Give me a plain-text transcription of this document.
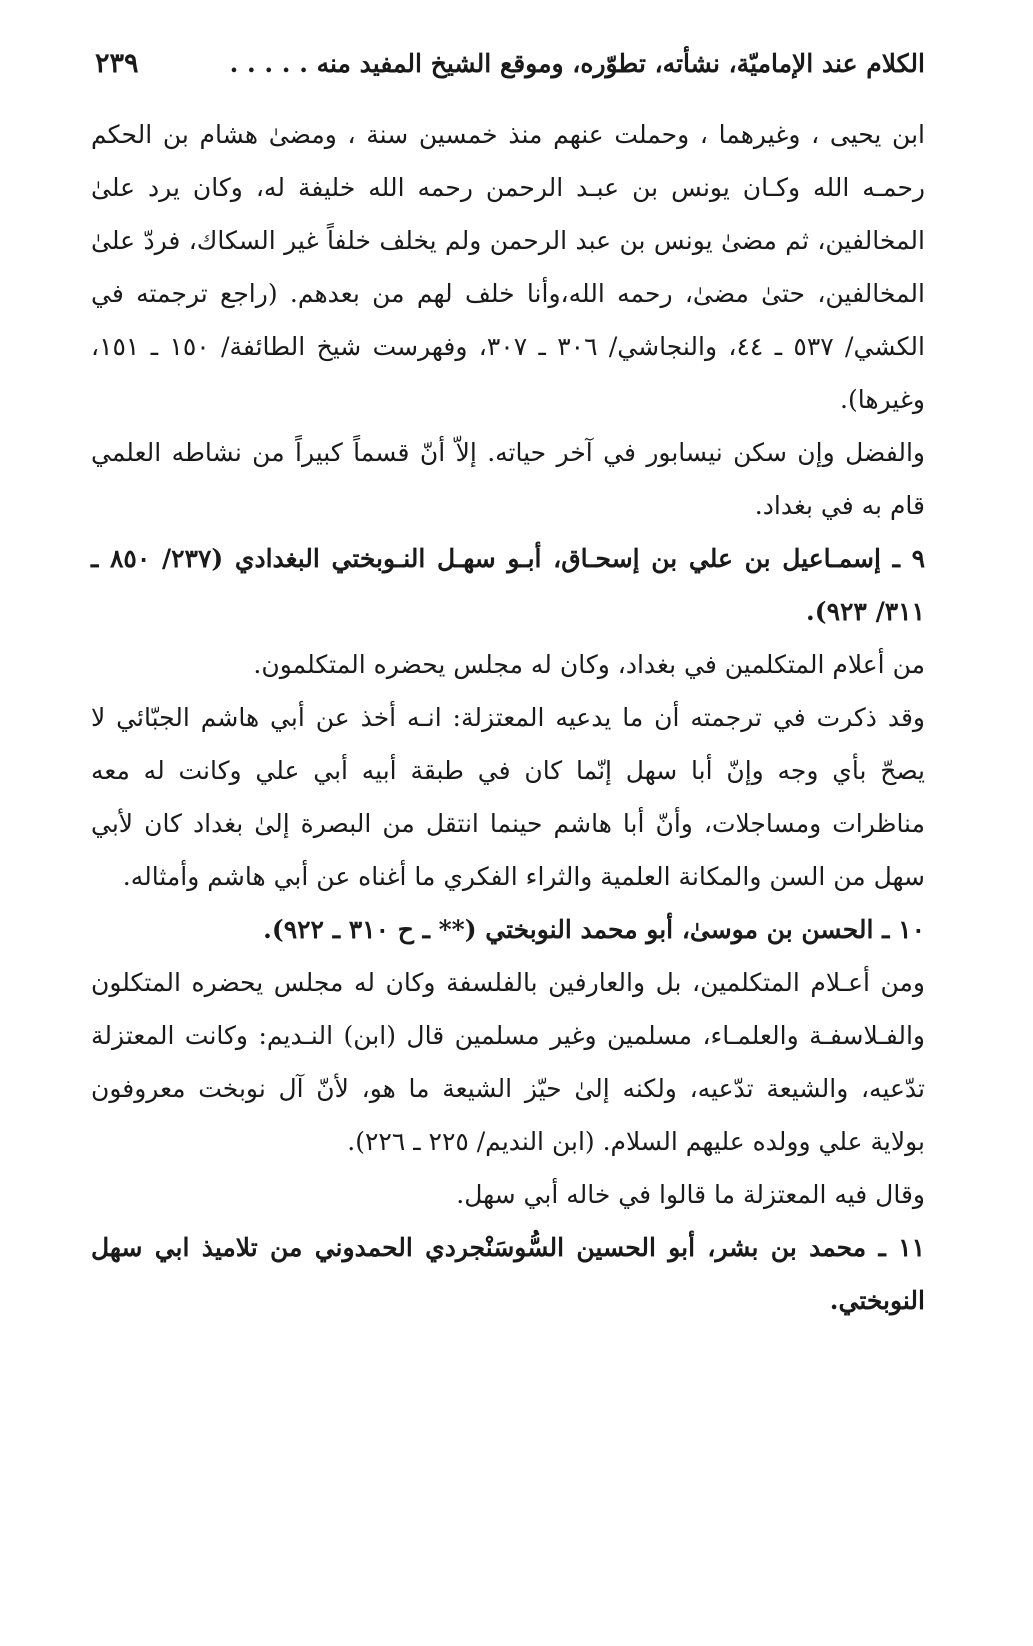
الكلام عند الإماميّة، نشأته، تطوّره، وموقع الشيخ المفيد منه . . . . .
٢٣٩

ابن يحيى ، وغيرهما ، وحملت عنهم منذ خمسين سنة ، ومضىٰ هشام بن الحكم رحمـه الله وكـان يونس بن عبـد الرحمن رحمه الله خليفة له، وكان يرد علىٰ المخالفين، ثم مضىٰ يونس بن عبد الرحمن ولم يخلف خلفاً غير السكاك، فردّ علىٰ المخالفين، حتىٰ مضىٰ، رحمه الله،وأنا خلف لهم من بعدهم. (راجع ترجمته في الكشي/ ٥٣٧ ـ ٤٤، والنجاشي/ ٣٠٦ ـ ٣٠٧، وفهرست شيخ الطائفة/ ١٥٠ ـ ١٥١، وغيرها).

والفضل وإن سكن نيسابور في آخر حياته. إلاّ أنّ قسماً كبيراً من نشاطه العلمي قام به في بغداد.

٩ ـ إسمـاعيل بن علي بن إسحـاق، أبـو سهـل النـوبختي البغدادي (٢٣٧/ ٨٥٠ ـ ٣١١/ ٩٢٣).

من أعلام المتكلمين في بغداد، وكان له مجلس يحضره المتكلمون.

وقد ذكرت في ترجمته أن ما يدعيه المعتزلة: انـه أخذ عن أبي هاشم الجبّائي لا يصحّ بأي وجه وإنّ أبا سهل إنّما كان في طبقة أبيه أبي علي وكانت له معه مناظرات ومساجلات، وأنّ أبا هاشم حينما انتقل من البصرة إلىٰ بغداد كان لأبي سهل من السن والمكانة العلمية والثراء الفكري ما أغناه عن أبي هاشم وأمثاله.

١٠ ـ الحسن بن موسىٰ، أبو محمد النوبختي (** ـ ح ٣١٠ ـ ٩٢٢).

ومن أعـلام المتكلمين، بل والعارفين بالفلسفة وكان له مجلس يحضره المتكلون والفـلاسفـة والعلمـاء، مسلمين وغير مسلمين قال (ابن) النـديم: وكانت المعتزلة تدّعيه، والشيعة تدّعيه، ولكنه إلىٰ حيّز الشيعة ما هو، لأنّ آل نوبخت معروفون بولاية علي وولده عليهم السلام. (ابن النديم/ ٢٢٥ ـ ٢٢٦).

وقال فيه المعتزلة ما قالوا في خاله أبي سهل.

١١ ـ محمد بن بشر، أبو الحسين السُّوسَنْجردي الحمدوني من تلاميذ ابي سهل النوبختي.
